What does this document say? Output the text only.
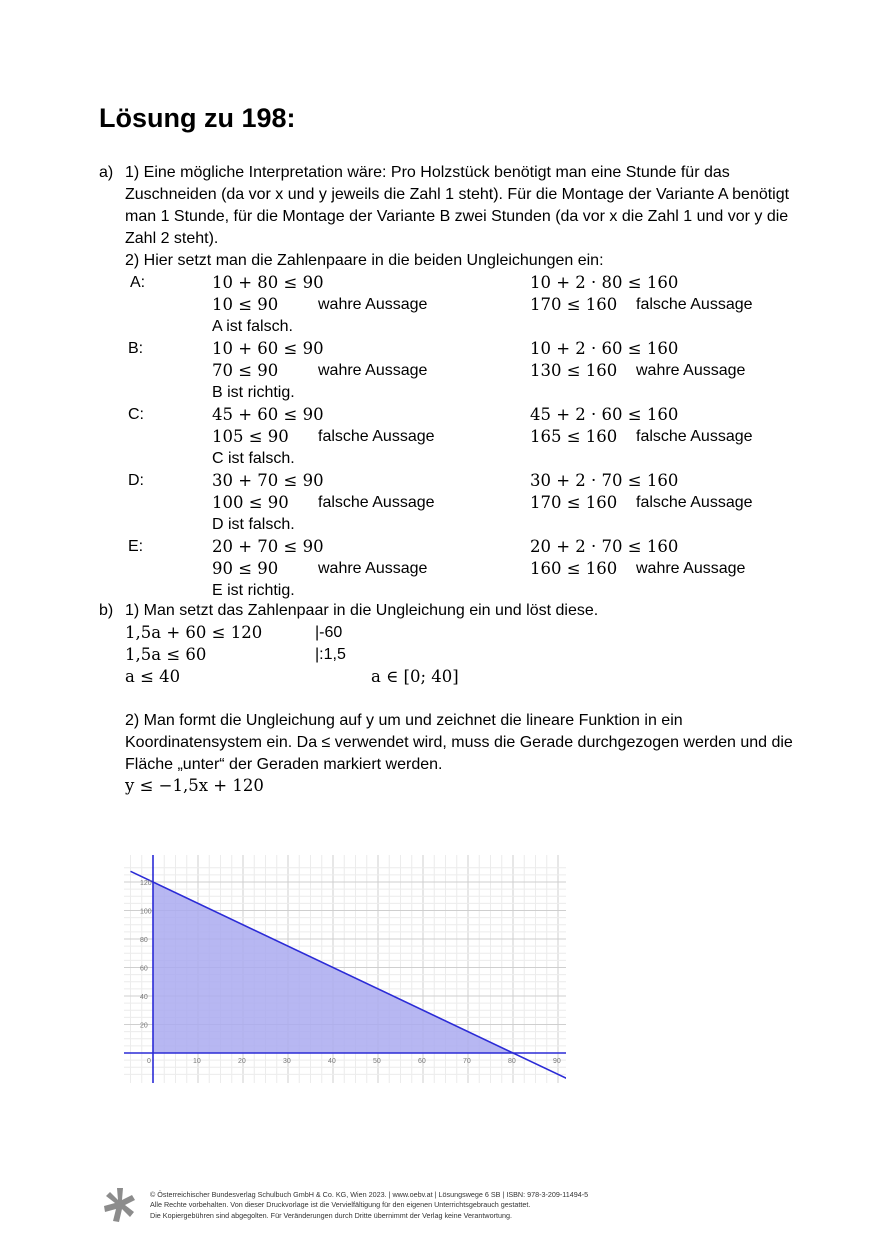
Lösung zu 198:
a) 1) Eine mögliche Interpretation wäre: Pro Holzstück benötigt man eine Stunde für das
Zuschneiden (da vor x und y jeweils die Zahl 1 steht). Für die Montage der Variante A benötigt
man 1 Stunde, für die Montage der Variante B zwei Stunden (da vor x die Zahl 1 und vor y die
Zahl 2 steht).
2) Hier setzt man die Zahlenpaare in die beiden Ungleichungen ein:
A:	10 + 80 ≤ 90	10 + 2 · 80 ≤ 160
10 ≤ 90 wahre Aussage	170 ≤ 160 falsche Aussage
A ist falsch.
B:	10 + 60 ≤ 90	10 + 2 · 60 ≤ 160
70 ≤ 90 wahre Aussage	130 ≤ 160 wahre Aussage
B ist richtig.
C:	45 + 60 ≤ 90	45 + 2 · 60 ≤ 160
105 ≤ 90 falsche Aussage	165 ≤ 160 falsche Aussage
C ist falsch.
D:	30 + 70 ≤ 90	30 + 2 · 70 ≤ 160
100 ≤ 90 falsche Aussage	170 ≤ 160 falsche Aussage
D ist falsch.
E:	20 + 70 ≤ 90	20 + 2 · 70 ≤ 160
90 ≤ 90 wahre Aussage	160 ≤ 160 wahre Aussage
E ist richtig.
b) 1) Man setzt das Zahlenpaar in die Ungleichung ein und löst diese.
1,5a + 60 ≤ 120	|-60
1,5a ≤ 60	|:1,5
a ≤ 40	a ∈ [0; 40]
2) Man formt die Ungleichung auf y um und zeichnet die lineare Funktion in ein
Koordinatensystem ein. Da ≤ verwendet wird, muss die Gerade durchgezogen werden und die
Fläche „unter“ der Geraden markiert werden.
y ≤ −1,5x + 120
0	10	20	30	40	50	60	70	80	90
20
40
60
80
100
120
© Österreichischer Bundesverlag Schulbuch GmbH & Co. KG, Wien 2023. | www.oebv.at | Lösungswege 6 SB | ISBN: 978-3-209-11494-5
Alle Rechte vorbehalten. Von dieser Druckvorlage ist die Vervielfältigung für den eigenen Unterrichtsgebrauch gestattet.
Die Kopiergebühren sind abgegolten. Für Veränderungen durch Dritte übernimmt der Verlag keine Verantwortung.
